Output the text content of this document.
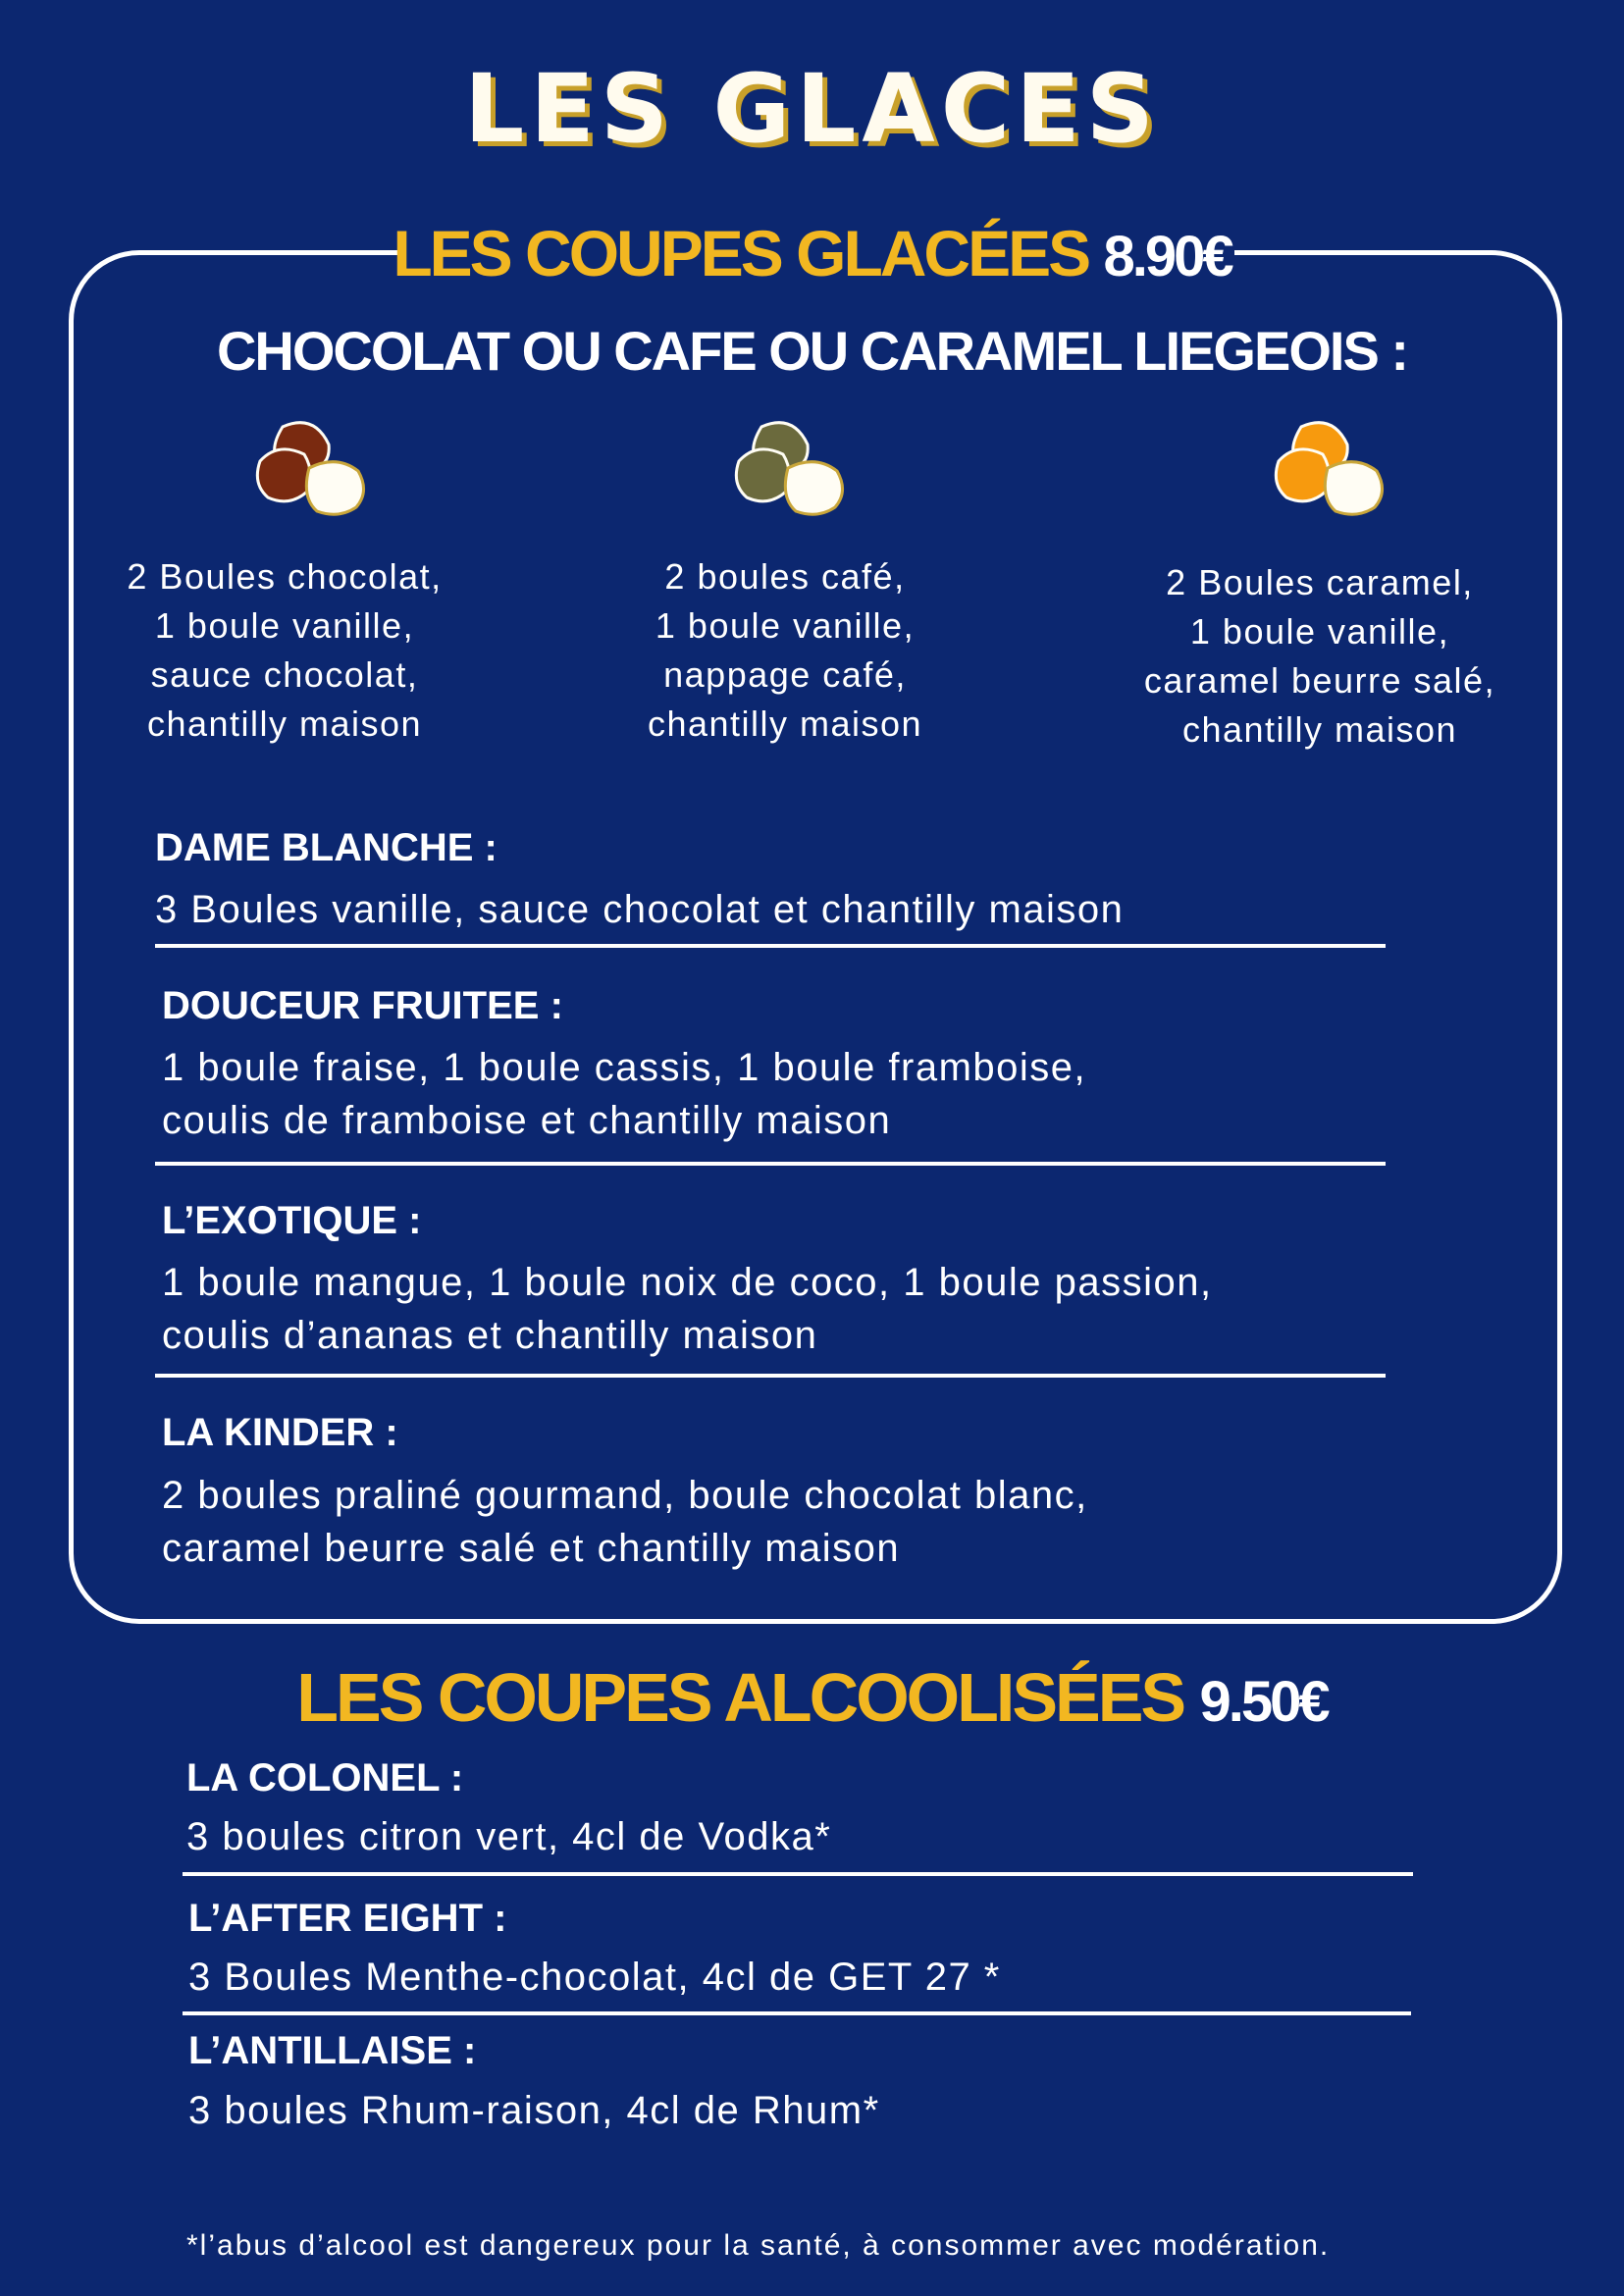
LES GLACES
LES COUPES GLACÉES 8.90€
CHOCOLAT OU CAFE OU CARAMEL LIEGEOIS :
2 Boules chocolat,
1 boule vanille,
sauce chocolat,
chantilly maison
2 boules café,
1 boule vanille,
nappage café,
chantilly maison
2 Boules caramel,
1 boule vanille,
caramel beurre salé,
chantilly maison
DAME BLANCHE :
3 Boules vanille, sauce chocolat et chantilly maison
DOUCEUR FRUITEE :
1 boule fraise, 1 boule cassis, 1 boule framboise,
coulis de framboise et chantilly maison
L’EXOTIQUE :
1 boule mangue, 1 boule noix de coco, 1 boule passion,
coulis d’ananas et chantilly maison
LA KINDER :
2 boules praliné gourmand, boule chocolat blanc,
caramel beurre salé et chantilly maison
LES COUPES ALCOOLISÉES 9.50€
LA COLONEL :
3 boules citron vert, 4cl de Vodka*
L’AFTER EIGHT :
3 Boules Menthe-chocolat, 4cl de GET 27 *
L’ANTILLAISE :
3 boules Rhum-raison, 4cl de Rhum*
*l’abus d’alcool est dangereux pour la santé, à consommer avec modération.
